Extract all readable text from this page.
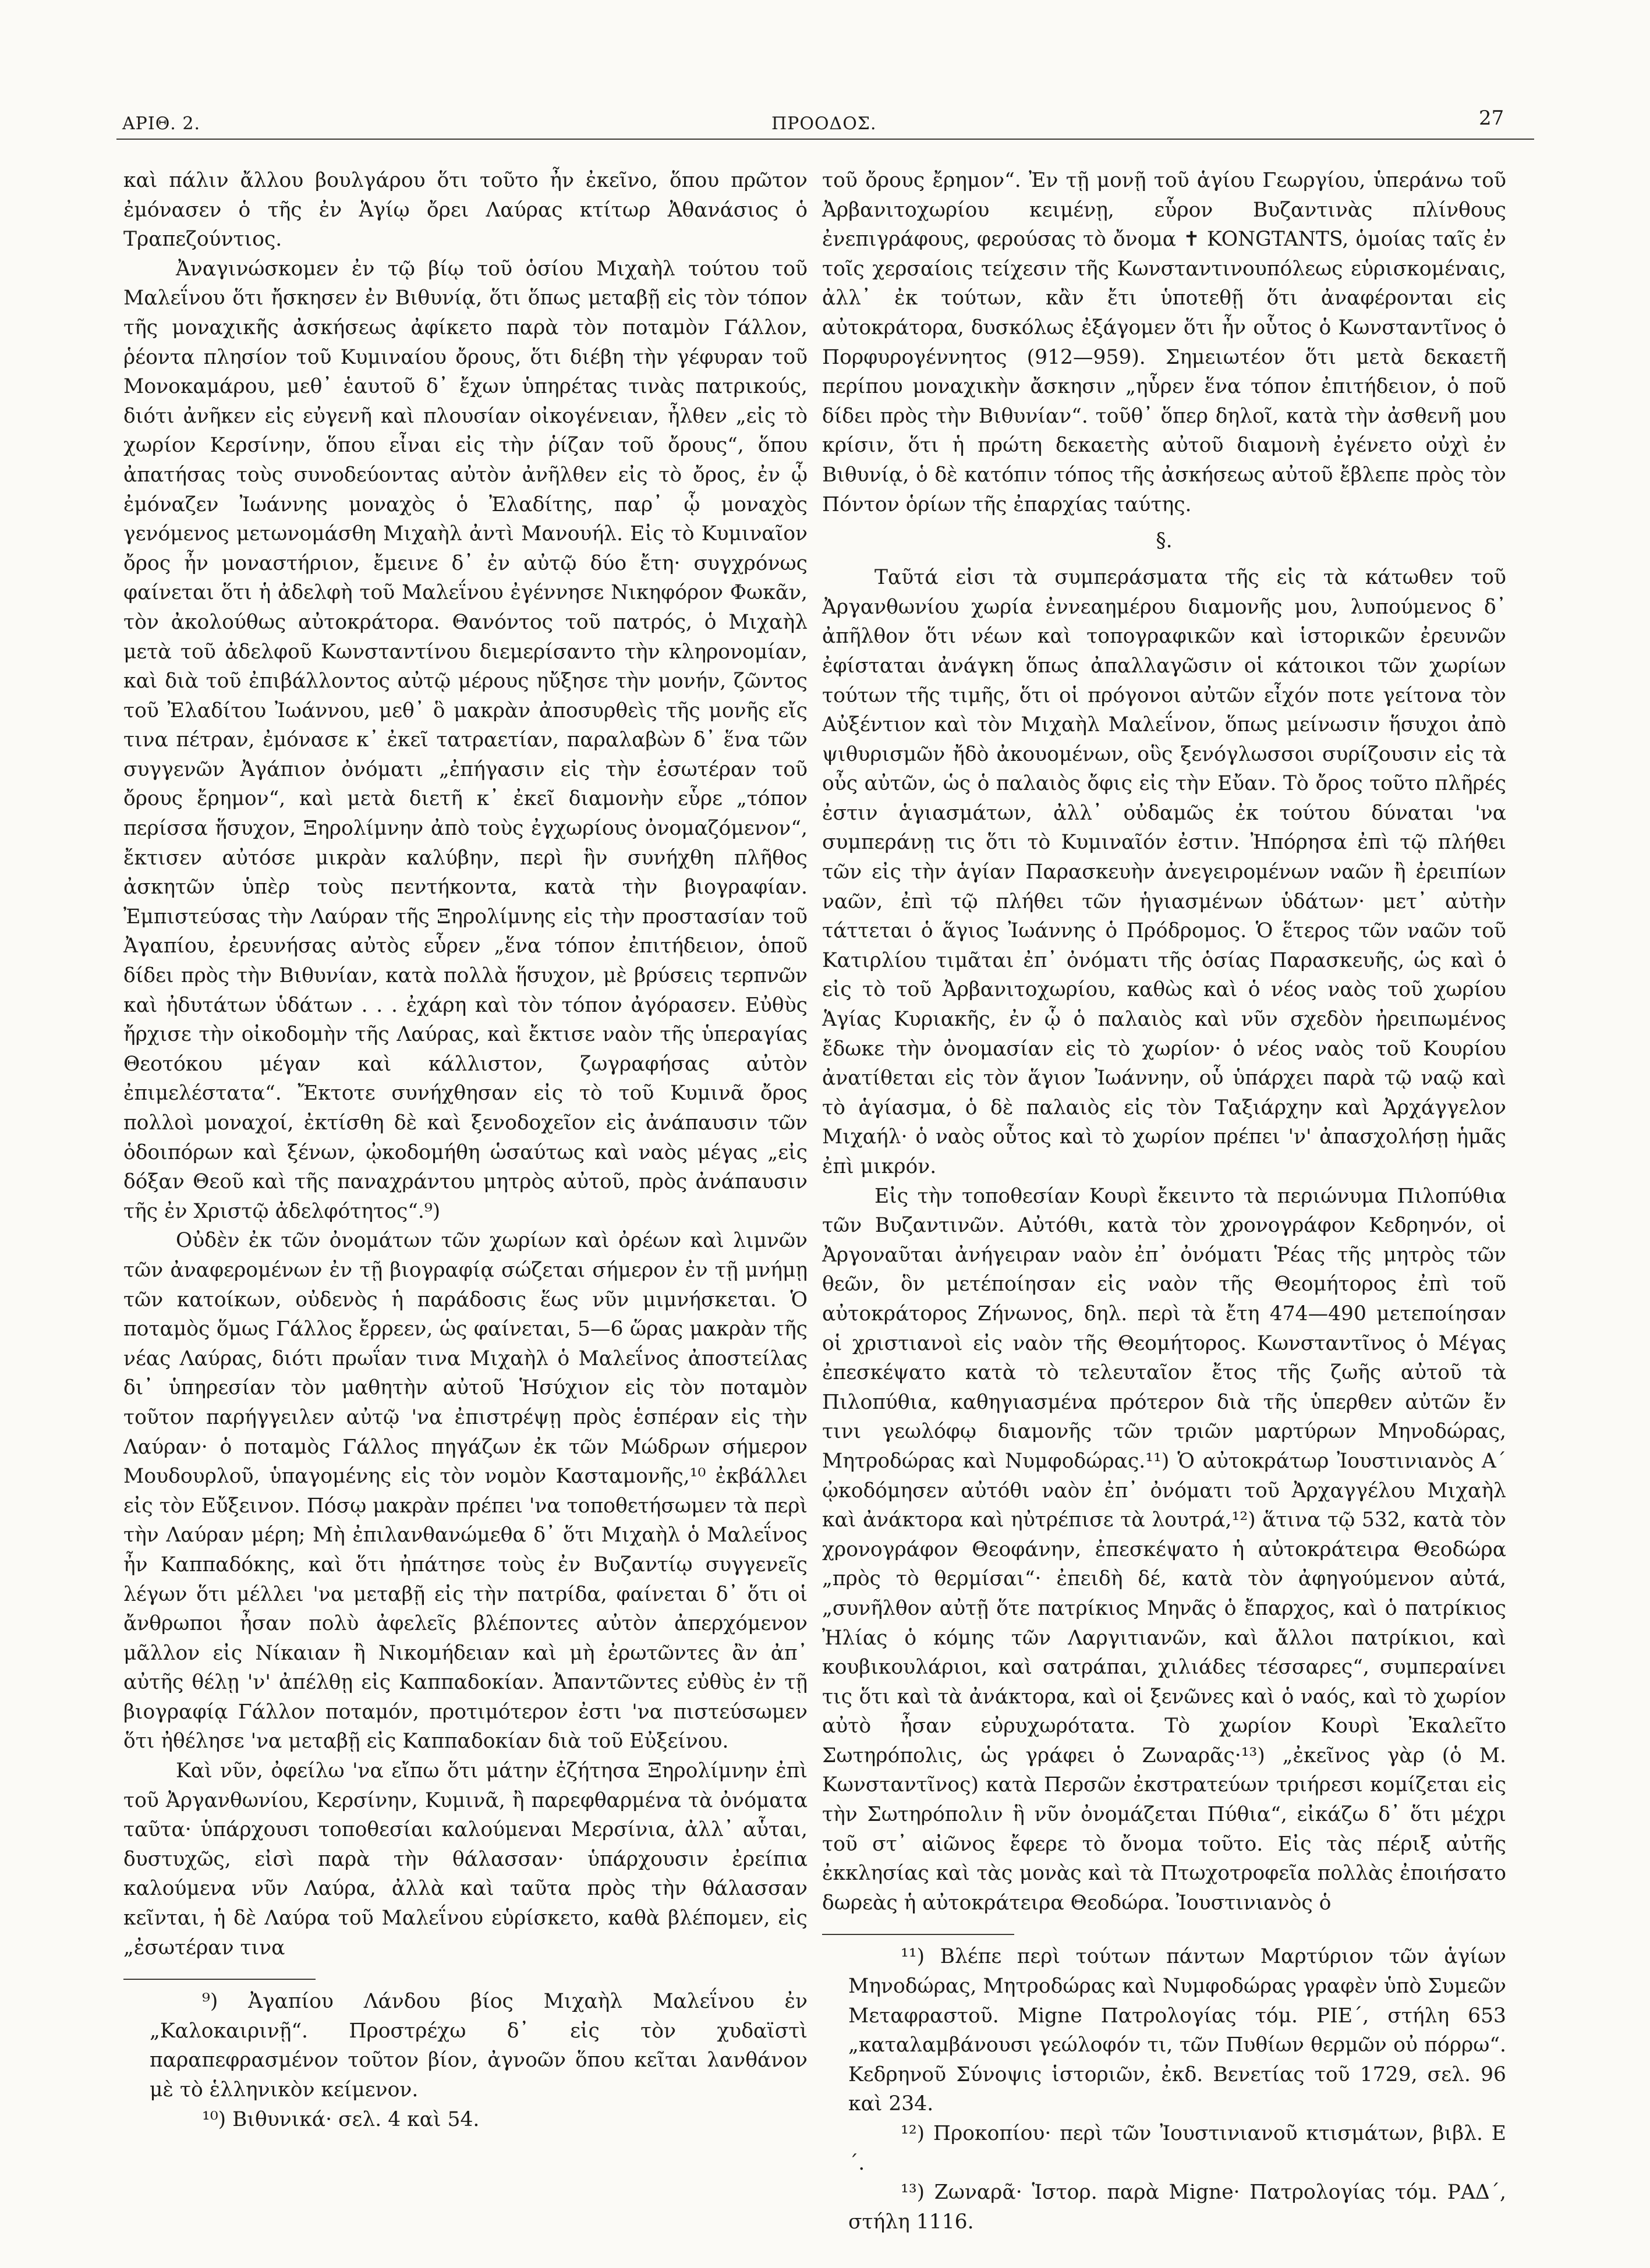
ΑΡΙΘ. 2.	ΠΡΟΟΔΟΣ.	27

καὶ πάλιν ἄλλου βουλγάρου ὅτι τοῦτο ἦν ἐκεῖνο, ὅπου πρῶτον ἐμόνασεν ὁ τῆς ἐν Ἁγίῳ ὄρει Λαύρας κτίτωρ Ἀθανάσιος ὁ Τραπεζούντιος.

Ἀναγινώσκομεν ἐν τῷ βίῳ τοῦ ὁσίου Μιχαὴλ τούτου τοῦ Μαλεΐνου ὅτι ἤσκησεν ἐν Βιθυνίᾳ, ὅτι ὅπως μεταβῇ εἰς τὸν τόπον τῆς μοναχικῆς ἀσκήσεως ἀφίκετο παρὰ τὸν ποταμὸν Γάλλον, ῥέοντα πλησίον τοῦ Κυμιναίου ὄρους, ὅτι διέβη τὴν γέφυραν τοῦ Μονοκαμάρου, μεθ᾽ ἑαυτοῦ δ᾽ ἔχων ὑπηρέτας τινὰς πατρικούς, διότι ἀνῆκεν εἰς εὐγενῆ καὶ πλουσίαν οἰκογένειαν, ἦλθεν „εἰς τὸ χωρίον Κερσίνην, ὅπου εἶναι εἰς τὴν ῥίζαν τοῦ ὄρους“, ὅπου ἀπατήσας τοὺς συνοδεύοντας αὐτὸν ἀνῆλθεν εἰς τὸ ὄρος, ἐν ᾧ ἐμόναζεν Ἰωάννης μοναχὸς ὁ Ἐλαδίτης, παρ᾽ ᾧ μοναχὸς γενόμενος μετωνομάσθη Μιχαὴλ ἀντὶ Μανουήλ. Εἰς τὸ Κυμιναῖον ὄρος ἦν μοναστήριον, ἔμεινε δ᾽ ἐν αὐτῷ δύο ἔτη· συγχρόνως φαίνεται ὅτι ἡ ἀδελφὴ τοῦ Μαλεΐνου ἐγέννησε Νικηφόρον Φωκᾶν, τὸν ἀκολούθως αὐτοκράτορα. Θανόντος τοῦ πατρός, ὁ Μιχαὴλ μετὰ τοῦ ἀδελφοῦ Κωνσταντίνου διεμερίσαντο τὴν κληρονομίαν, καὶ διὰ τοῦ ἐπιβάλλοντος αὐτῷ μέρους ηὔξησε τὴν μονήν, ζῶντος τοῦ Ἐλαδίτου Ἰωάννου, μεθ᾽ ὃ μακρὰν ἀποσυρθεὶς τῆς μονῆς εἴς τινα πέτραν, ἐμόνασε κ᾽ ἐκεῖ τατραετίαν, παραλαβὼν δ᾽ ἕνα τῶν συγγενῶν Ἀγάπιον ὀνόματι „ἐπήγασιν εἰς τὴν ἐσωτέραν τοῦ ὄρους ἔρημον“, καὶ μετὰ διετῆ κ᾽ ἐκεῖ διαμονὴν εὗρε „τόπον περίσσα ἥσυχον, Ξηρολίμνην ἀπὸ τοὺς ἐγχωρίους ὀνομαζόμενον“, ἔκτισεν αὐτόσε μικρὰν καλύβην, περὶ ἣν συνήχθη πλῆθος ἀσκητῶν ὑπὲρ τοὺς πεντήκοντα, κατὰ τὴν βιογραφίαν. Ἐμπιστεύσας τὴν Λαύραν τῆς Ξηρολίμνης εἰς τὴν προστασίαν τοῦ Ἀγαπίου, ἐρευνήσας αὐτὸς εὗρεν „ἕνα τόπον ἐπιτήδειον, ὁποῦ δίδει πρὸς τὴν Βιθυνίαν, κατὰ πολλὰ ἥσυχον, μὲ βρύσεις τερπνῶν καὶ ἠδυτάτων ὑδάτων . . . ἐχάρη καὶ τὸν τόπον ἀγόρασεν. Εὐθὺς ἤρχισε τὴν οἰκοδομὴν τῆς Λαύρας, καὶ ἔκτισε ναὸν τῆς ὑπεραγίας Θεοτόκου μέγαν καὶ κάλλιστον, ζωγραφήσας αὐτὸν ἐπιμελέστατα“. Ἔκτοτε συνήχθησαν εἰς τὸ τοῦ Κυμινᾶ ὄρος πολλοὶ μοναχοί, ἐκτίσθη δὲ καὶ ξενοδοχεῖον εἰς ἀνάπαυσιν τῶν ὁδοιπόρων καὶ ξένων, ᾠκοδομήθη ὡσαύτως καὶ ναὸς μέγας „εἰς δόξαν Θεοῦ καὶ τῆς παναχράντου μητρὸς αὐτοῦ, πρὸς ἀνάπαυσιν τῆς ἐν Χριστῷ ἀδελφότητος“.⁹)

Οὐδὲν ἐκ τῶν ὀνομάτων τῶν χωρίων καὶ ὀρέων καὶ λιμνῶν τῶν ἀναφερομένων ἐν τῇ βιογραφίᾳ σώζεται σήμερον ἐν τῇ μνήμῃ τῶν κατοίκων, οὐδενὸς ἡ παράδοσις ἕως νῦν μιμνήσκεται. Ὁ ποταμὸς ὅμως Γάλλος ἔρρεεν, ὡς φαίνεται, 5—6 ὥρας μακρὰν τῆς νέας Λαύρας, διότι πρωΐαν τινα Μιχαὴλ ὁ Μαλεΐνος ἀποστείλας δι᾽ ὑπηρεσίαν τὸν μαθητὴν αὐτοῦ Ἡσύχιον εἰς τὸν ποταμὸν τοῦτον παρήγγειλεν αὐτῷ 'να ἐπιστρέψῃ πρὸς ἑσπέραν εἰς τὴν Λαύραν· ὁ ποταμὸς Γάλλος πηγάζων ἐκ τῶν Μώδρων σήμερον Μουδουρλοῦ, ὑπαγομένης εἰς τὸν νομὸν Κασταμονῆς,¹⁰ ἐκβάλλει εἰς τὸν Εὔξεινον. Πόσῳ μακρὰν πρέπει 'να τοποθετήσωμεν τὰ περὶ τὴν Λαύραν μέρη; Μὴ ἐπιλανθανώμεθα δ᾽ ὅτι Μιχαὴλ ὁ Μαλεΐνος ἦν Καππαδόκης, καὶ ὅτι ἠπάτησε τοὺς ἐν Βυζαντίῳ συγγενεῖς λέγων ὅτι μέλλει 'να μεταβῇ εἰς τὴν πατρίδα, φαίνεται δ᾽ ὅτι οἱ ἄνθρωποι ἦσαν πολὺ ἀφελεῖς βλέποντες αὐτὸν ἀπερχόμενον μᾶλλον εἰς Νίκαιαν ἢ Νικομήδειαν καὶ μὴ ἐρωτῶντες ἂν ἀπ᾽ αὐτῆς θέλῃ 'ν' ἀπέλθῃ εἰς Καππαδοκίαν. Ἀπαντῶντες εὐθὺς ἐν τῇ βιογραφίᾳ Γάλλον ποταμόν, προτιμότερον ἐστι 'να πιστεύσωμεν ὅτι ἠθέλησε 'να μεταβῇ εἰς Καππαδοκίαν διὰ τοῦ Εὐξείνου.

Καὶ νῦν, ὀφείλω 'να εἴπω ὅτι μάτην ἐζήτησα Ξηρολίμνην ἐπὶ τοῦ Ἀργανθωνίου, Κερσίνην, Κυμινᾶ, ἢ παρεφθαρμένα τὰ ὀνόματα ταῦτα· ὑπάρχουσι τοποθεσίαι καλούμεναι Μερσίνια, ἀλλ᾽ αὗται, δυστυχῶς, εἰσὶ παρὰ τὴν θάλασσαν· ὑπάρχουσιν ἐρείπια καλούμενα νῦν Λαύρα, ἀλλὰ καὶ ταῦτα πρὸς τὴν θάλασσαν κεῖνται, ἡ δὲ Λαύρα τοῦ Μαλεΐνου εὑρίσκετο, καθὰ βλέπομεν, εἰς „ἐσωτέραν τινα

⁹) Ἀγαπίου Λάνδου βίος Μιχαὴλ Μαλεΐνου ἐν „Καλοκαιρινῇ“. Προστρέχω δ᾽ εἰς τὸν χυδαϊστὶ παραπεφρασμένον τοῦτον βίον, ἀγνοῶν ὅπου κεῖται λανθάνον μὲ τὸ ἑλληνικὸν κείμενον.

¹⁰) Βιθυνικά· σελ. 4 καὶ 54.

τοῦ ὄρους ἔρημον“. Ἐν τῇ μονῇ τοῦ ἁγίου Γεωργίου, ὑπεράνω τοῦ Ἀρβανιτοχωρίου κειμένῃ, εὗρον Βυζαντινὰς πλίνθους ἐνεπιγράφους, φερούσας τὸ ὄνομα ✝ KONGTANTS, ὁμοίας ταῖς ἐν τοῖς χερσαίοις τείχεσιν τῆς Κωνσταντινουπόλεως εὑρισκομέναις, ἀλλ᾽ ἐκ τούτων, κἂν ἔτι ὑποτεθῇ ὅτι ἀναφέρονται εἰς αὐτοκράτορα, δυσκόλως ἐξάγομεν ὅτι ἦν οὗτος ὁ Κωνσταντῖνος ὁ Πορφυρογέννητος (912—959). Σημειωτέον ὅτι μετὰ δεκαετῆ περίπου μοναχικὴν ἄσκησιν „ηὗρεν ἕνα τόπον ἐπιτήδειον, ὁ ποῦ δίδει πρὸς τὴν Βιθυνίαν“. τοῦθ᾽ ὅπερ δηλοῖ, κατὰ τὴν ἀσθενῆ μου κρίσιν, ὅτι ἡ πρώτη δεκαετὴς αὐτοῦ διαμονὴ ἐγένετο οὐχὶ ἐν Βιθυνίᾳ, ὁ δὲ κατόπιν τόπος τῆς ἀσκήσεως αὐτοῦ ἔβλεπε πρὸς τὸν Πόντον ὁρίων τῆς ἐπαρχίας ταύτης.

§.

Ταῦτά εἰσι τὰ συμπεράσματα τῆς εἰς τὰ κάτωθεν τοῦ Ἀργανθωνίου χωρία ἐννεαημέρου διαμονῆς μου, λυπούμενος δ᾽ ἀπῆλθον ὅτι νέων καὶ τοπογραφικῶν καὶ ἱστορικῶν ἐρευνῶν ἐφίσταται ἀνάγκη ὅπως ἀπαλλαγῶσιν οἱ κάτοικοι τῶν χωρίων τούτων τῆς τιμῆς, ὅτι οἱ πρόγονοι αὐτῶν εἶχόν ποτε γείτονα τὸν Αὐξέντιον καὶ τὸν Μιχαὴλ Μαλεΐνον, ὅπως μείνωσιν ἥσυχοι ἀπὸ ψιθυρισμῶν ἤδὸ ἀκουομένων, οὓς ξενόγλωσσοι συρίζουσιν εἰς τὰ οὖς αὐτῶν, ὡς ὁ παλαιὸς ὄφις εἰς τὴν Εὔαν. Τὸ ὄρος τοῦτο πλῆρές ἐστιν ἁγιασμάτων, ἀλλ᾽ οὐδαμῶς ἐκ τούτου δύναται 'να συμπεράνῃ τις ὅτι τὸ Κυμιναῖόν ἐστιν. Ἠπόρησα ἐπὶ τῷ πλήθει τῶν εἰς τὴν ἁγίαν Παρασκευὴν ἀνεγειρομένων ναῶν ἢ ἐρειπίων ναῶν, ἐπὶ τῷ πλήθει τῶν ἡγιασμένων ὑδάτων· μετ᾽ αὐτὴν τάττεται ὁ ἅγιος Ἰωάννης ὁ Πρόδρομος. Ὁ ἕτερος τῶν ναῶν τοῦ Κατιρλίου τιμᾶται ἐπ᾽ ὀνόματι τῆς ὁσίας Παρασκευῆς, ὡς καὶ ὁ εἰς τὸ τοῦ Ἀρβανιτοχωρίου, καθὼς καὶ ὁ νέος ναὸς τοῦ χωρίου Ἁγίας Κυριακῆς, ἐν ᾧ ὁ παλαιὸς καὶ νῦν σχεδὸν ἠρειπωμένος ἔδωκε τὴν ὀνομασίαν εἰς τὸ χωρίον· ὁ νέος ναὸς τοῦ Κουρίου ἀνατίθεται εἰς τὸν ἅγιον Ἰωάννην, οὗ ὑπάρχει παρὰ τῷ ναῷ καὶ τὸ ἁγίασμα, ὁ δὲ παλαιὸς εἰς τὸν Ταξιάρχην καὶ Ἀρχάγγελον Μιχαήλ· ὁ ναὸς οὗτος καὶ τὸ χωρίον πρέπει 'ν' ἀπασχολήσῃ ἡμᾶς ἐπὶ μικρόν.

Εἰς τὴν τοποθεσίαν Κουρὶ ἔκειντο τὰ περιώνυμα Πιλοπύθια τῶν Βυζαντινῶν. Αὐτόθι, κατὰ τὸν χρονογράφον Κεδρηνόν, οἱ Ἀργοναῦται ἀνήγειραν ναὸν ἐπ᾽ ὀνόματι Ῥέας τῆς μητρὸς τῶν θεῶν, ὃν μετέποίησαν εἰς ναὸν τῆς Θεομήτορος ἐπὶ τοῦ αὐτοκράτορος Ζήνωνος, δηλ. περὶ τὰ ἔτη 474—490 μετεποίησαν οἱ χριστιανοὶ εἰς ναὸν τῆς Θεομήτορος. Κωνσταντῖνος ὁ Μέγας ἐπεσκέψατο κατὰ τὸ τελευταῖον ἔτος τῆς ζωῆς αὐτοῦ τὰ Πιλοπύθια, καθηγιασμένα πρότερον διὰ τῆς ὑπερθεν αὐτῶν ἔν τινι γεωλόφῳ διαμονῆς τῶν τριῶν μαρτύρων Μηνοδώρας, Μητροδώρας καὶ Νυμφοδώρας.¹¹) Ὁ αὐτοκράτωρ Ἰουστινιανὸς Α´ ᾠκοδόμησεν αὐτόθι ναὸν ἐπ᾽ ὀνόματι τοῦ Ἀρχαγγέλου Μιχαὴλ καὶ ἀνάκτορα καὶ ηὐτρέπισε τὰ λουτρά,¹²) ἅτινα τῷ 532, κατὰ τὸν χρονογράφον Θεοφάνην, ἐπεσκέψατο ἡ αὐτοκράτειρα Θεοδώρα „πρὸς τὸ θερμίσαι“· ἐπειδὴ δέ, κατὰ τὸν ἀφηγούμενον αὐτά, „συνῆλθον αὐτῇ ὅτε πατρίκιος Μηνᾶς ὁ ἔπαρχος, καὶ ὁ πατρίκιος Ἠλίας ὁ κόμης τῶν Λαργιτιανῶν, καὶ ἄλλοι πατρίκιοι, καὶ κουβικουλάριοι, καὶ σατράπαι, χιλιάδες τέσσαρες“, συμπεραίνει τις ὅτι καὶ τὰ ἀνάκτορα, καὶ οἱ ξενῶνες καὶ ὁ ναός, καὶ τὸ χωρίον αὐτὸ ἦσαν εὐρυχωρότατα. Τὸ χωρίον Κουρὶ Ἐκαλεῖτο Σωτηρόπολις, ὡς γράφει ὁ Ζωναρᾶς·¹³) „ἐκεῖνος γὰρ (ὁ Μ. Κωνσταντῖνος) κατὰ Περσῶν ἐκστρατεύων τριήρεσι κομίζεται εἰς τὴν Σωτηρόπολιν ἣ νῦν ὀνομάζεται Πύθια“, εἰκάζω δ᾽ ὅτι μέχρι τοῦ στ᾽ αἰῶνος ἔφερε τὸ ὄνομα τοῦτο. Εἰς τὰς πέριξ αὐτῆς ἐκκλησίας καὶ τὰς μονὰς καὶ τὰ Πτωχοτροφεῖα πολλὰς ἐποιήσατο δωρεὰς ἡ αὐτοκράτειρα Θεοδώρα. Ἰουστινιανὸς ὁ

¹¹) Βλέπε περὶ τούτων πάντων Μαρτύριον τῶν ἁγίων Μηνοδώρας, Μητροδώρας καὶ Νυμφοδώρας γραφὲν ὑπὸ Συμεῶν Μεταφραστοῦ. Migne Πατρολογίας τόμ. ΡΙΕ´, στήλη 653 „καταλαμβάνουσι γεώλοφόν τι, τῶν Πυθίων θερμῶν οὐ πόρρω“. Κεδρηνοῦ Σύνοψις ἱστοριῶν, ἐκδ. Βενετίας τοῦ 1729, σελ. 96 καὶ 234.

¹²) Προκοπίου· περὶ τῶν Ἰουστινιανοῦ κτισμάτων, βιβλ. Ε´.

¹³) Ζωναρᾶ· Ἱστορ. παρὰ Migne· Πατρολογίας τόμ. ΡΑΔ´, στήλη 1116.
